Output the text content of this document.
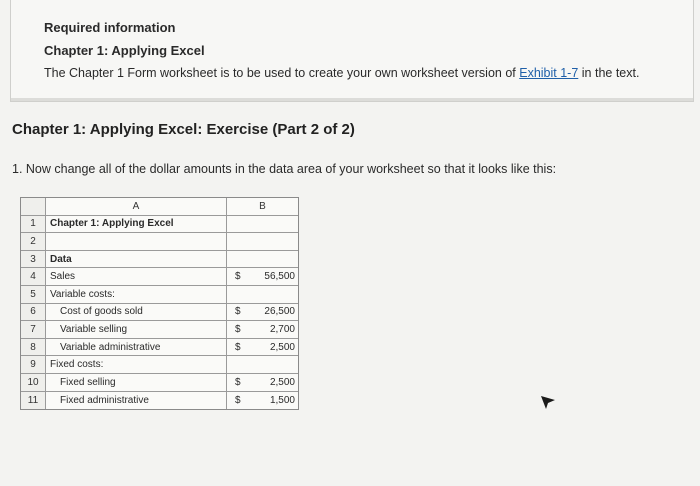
Required information
Chapter 1: Applying Excel
The Chapter 1 Form worksheet is to be used to create your own worksheet version of Exhibit 1-7 in the text.
Chapter 1: Applying Excel: Exercise (Part 2 of 2)
1. Now change all of the dollar amounts in the data area of your worksheet so that it looks like this:
A	B
1	Chapter 1: Applying Excel
2
3	Data
4	Sales	$ 56,500
5	Variable costs:
6	Cost of goods sold	$ 26,500
7	Variable selling	$	2,700
8	Variable administrative	$	2,500
9	Fixed costs:
10	Fixed selling	$	2,500
11	Fixed administrative	$	1,500
